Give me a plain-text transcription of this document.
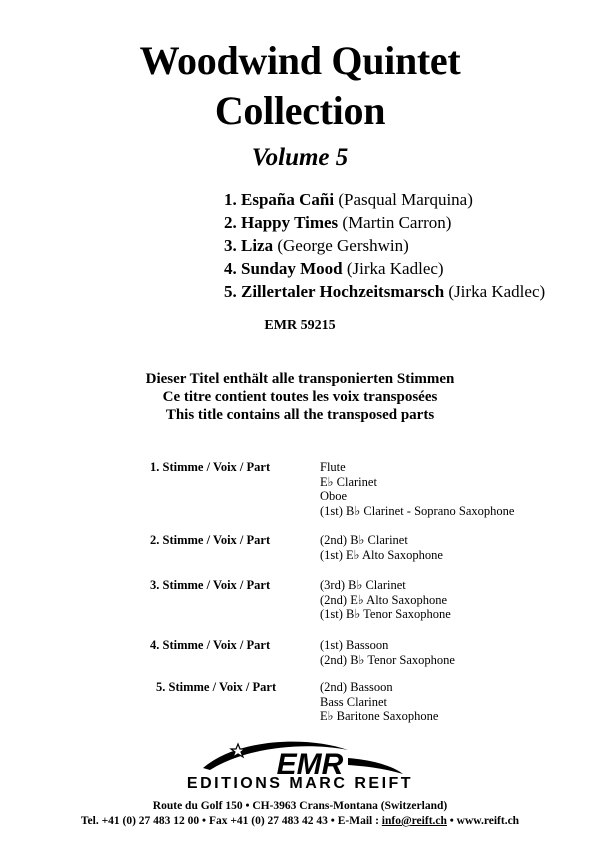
Woodwind Quintet
Collection
Volume 5
1. España Cañi (Pasqual Marquina)
2. Happy Times (Martin Carron)
3. Liza (George Gershwin)
4. Sunday Mood (Jirka Kadlec)
5. Zillertaler Hochzeitsmarsch (Jirka Kadlec)
EMR 59215
Dieser Titel enthält alle transponierten Stimmen
Ce titre contient toutes les voix transposées
This title contains all the transposed parts
1. Stimme / Voix / Part	Flute
E♭ Clarinet
Oboe
(1st) B♭ Clarinet - Soprano Saxophone
2. Stimme / Voix / Part	(2nd) B♭ Clarinet
(1st) E♭ Alto Saxophone
3. Stimme / Voix / Part	(3rd) B♭ Clarinet
(2nd) E♭ Alto Saxophone
(1st) B♭ Tenor Saxophone
4. Stimme / Voix / Part	(1st) Bassoon
(2nd) B♭ Tenor Saxophone
5. Stimme / Voix / Part	(2nd) Bassoon
Bass Clarinet
E♭ Baritone Saxophone
EMR
EDITIONS MARC REIFT
Route du Golf 150 • CH-3963 Crans-Montana (Switzerland)
Tel. +41 (0) 27 483 12 00 • Fax +41 (0) 27 483 42 43 • E-Mail : info@reift.ch • www.reift.ch
